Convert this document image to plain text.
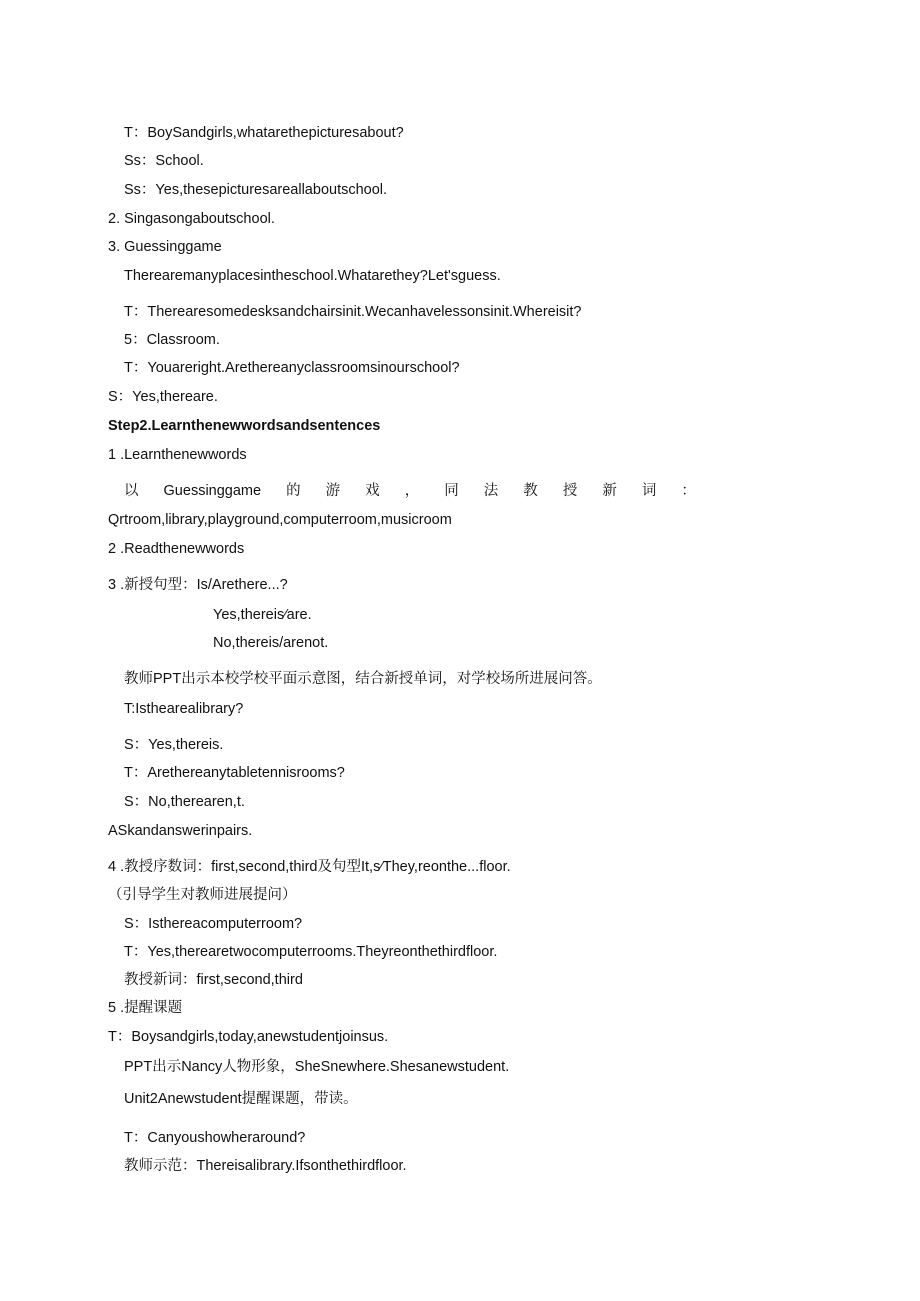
T：BoySandgirls,whatarethepicturesabout?
Ss：School.
Ss：Yes,thesepicturesareallaboutschool.
2. Singasongaboutschool.
3. Guessinggame
Therearemanyplacesintheschool.Whatarethey?Let'sguess.
T：Therearesomedesksandchairsinit.Wecanhavelessonsinit.Whereisit?
5：Classroom.
T：Youareright.Arethereanyclassroomsinourschool?
S：Yes,thereare.
Step2.Learnthenewwordsandsentences
1 .Learnthenewwords
以 Guessinggame 的 游 戏 ， 同 法 教 授 新 词 ：
Qrtroom,library,playground,computerroom,musicroom
2 .Readthenewwords
3 .新授句型：Is/Arethere...?
Yes,thereis∕are.
No,thereis/arenot.
教师PPT出示本校学校平面示意图，结合新授单词，对学校场所进展问答。
T:Isthearealibrary?
S：Yes,thereis.
T：Arethereanytabletennisrooms?
S：No,therearen,t.
ASkandanswerinpairs.
4 .教授序数词：first,second,third及句型It,s∕They,reonthe...floor.
（引导学生对教师进展提问）
S：Isthereacomputerroom?
T：Yes,therearetwocomputerrooms.Theyreonthethirdfloor.
教授新词：first,second,third
5 .提醒课题
T：Boysandgirls,today,anewstudentjoinsus.
PPT出示Nancy人物形象，SheSnewhere.Shesanewstudent.
Unit2Anewstudent提醒课题，带读。
T：Canyoushowheraround?
教师示范：Thereisalibrary.Ifsonthethirdfloor.
